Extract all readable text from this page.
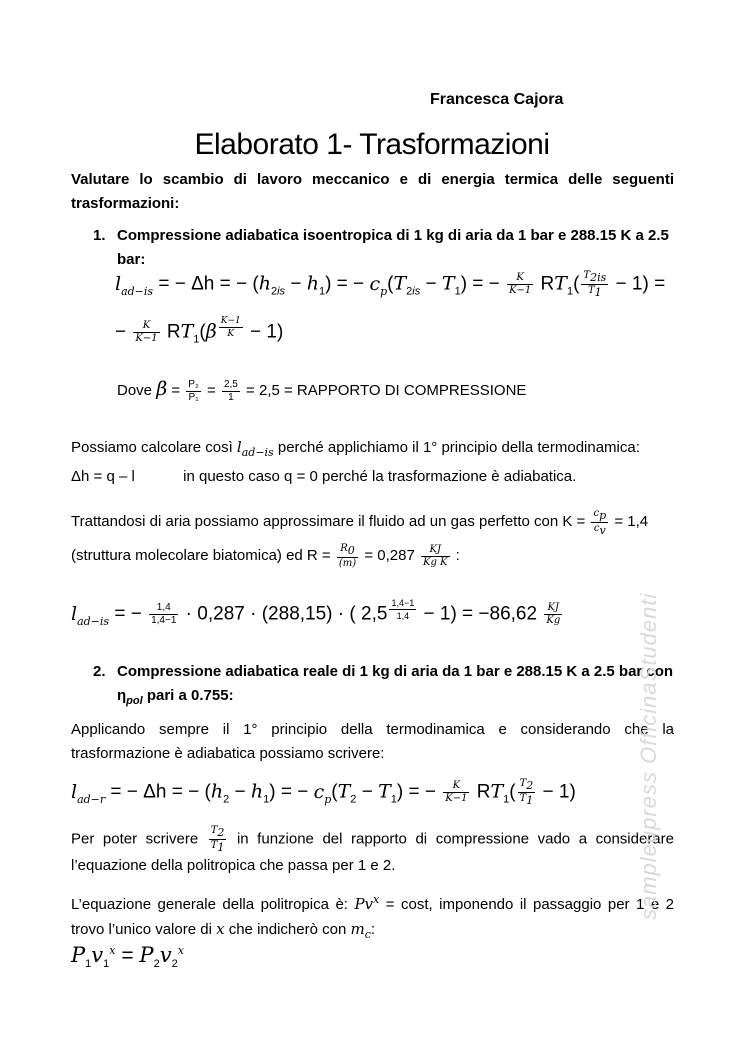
Francesca Cajora
Elaborato 1- Trasformazioni
Valutare lo scambio di lavoro meccanico e di energia termica delle seguenti trasformazioni:
1. Compressione adiabatica isoentropica di 1 kg di aria da 1 bar e 288.15 K a 2.5 bar:
$l_{ad-is}$ = − Δh = − $(h_{2is} - h_1)$ = − $c_p(T_{2is} - T_1)$ = − $\frac{K}{K-1} RT_1( \frac{T_{2is}}{T_1} - 1)$ =
− $\frac{K}{K-1} RT_1(\beta$ $^{\frac{K-1}{K}}$ − 1)
Dove $\beta = \frac{\text{P₂}}{\text{P₁}} = \frac{2,5}{1} = 2,5$ = RAPPORTO DI COMPRESSIONE
Possiamo calcolare così $l_{ad-is}$ perché applichiamo il 1° principio della termodinamica:
Δh = q – l	in questo caso q = 0 perché la trasformazione è adiabatica.
Trattandosi di aria possiamo approssimare il fluido ad un gas perfetto con $K = \frac{c_p}{c_v} = 1,4$
(struttura molecolare biatomica) ed $R = \frac{R_0}{(m)} = 0,287 \frac{KJ}{\text{Kg K}}$ :
$l_{ad-is}$ = − $\frac{1,4}{1,4-1} \cdot 0,287 \cdot (288,15)$ · ( 2,5 $^{\frac{1,4-1}{1,4}} - 1) = -86,62 \frac{KJ}{Kg}$
2. Compressione adiabatica reale di 1 kg di aria da 1 bar e 288.15 K a 2.5 bar con
$\eta_{pol}$ pari a 0.755:
Applicando sempre il 1° principio della termodinamica e considerando che la trasformazione è adiabatica possiamo scrivere:
$l_{ad-r}$ = − Δh = − $(h_2 - h_1)$ = − $c_p(T_2 - T_1)$ = − $\frac{K}{K-1} RT_1( \frac{T_2}{T_1} - 1)$
Per poter scrivere $\frac{T_2}{T_1}$ in funzione del rapporto di compressione vado a considerare l’equazione della politropica che passa per 1 e 2.
L’equazione generale della politropica è: $Pv^x = \cos t$, imponendo il passaggio per 1 e 2 trovo l’unico valore di x che indicherò con $m_c$:
$P_1v_1^x = P_2v_2^x$
sampleupress OfficinaStudenti
